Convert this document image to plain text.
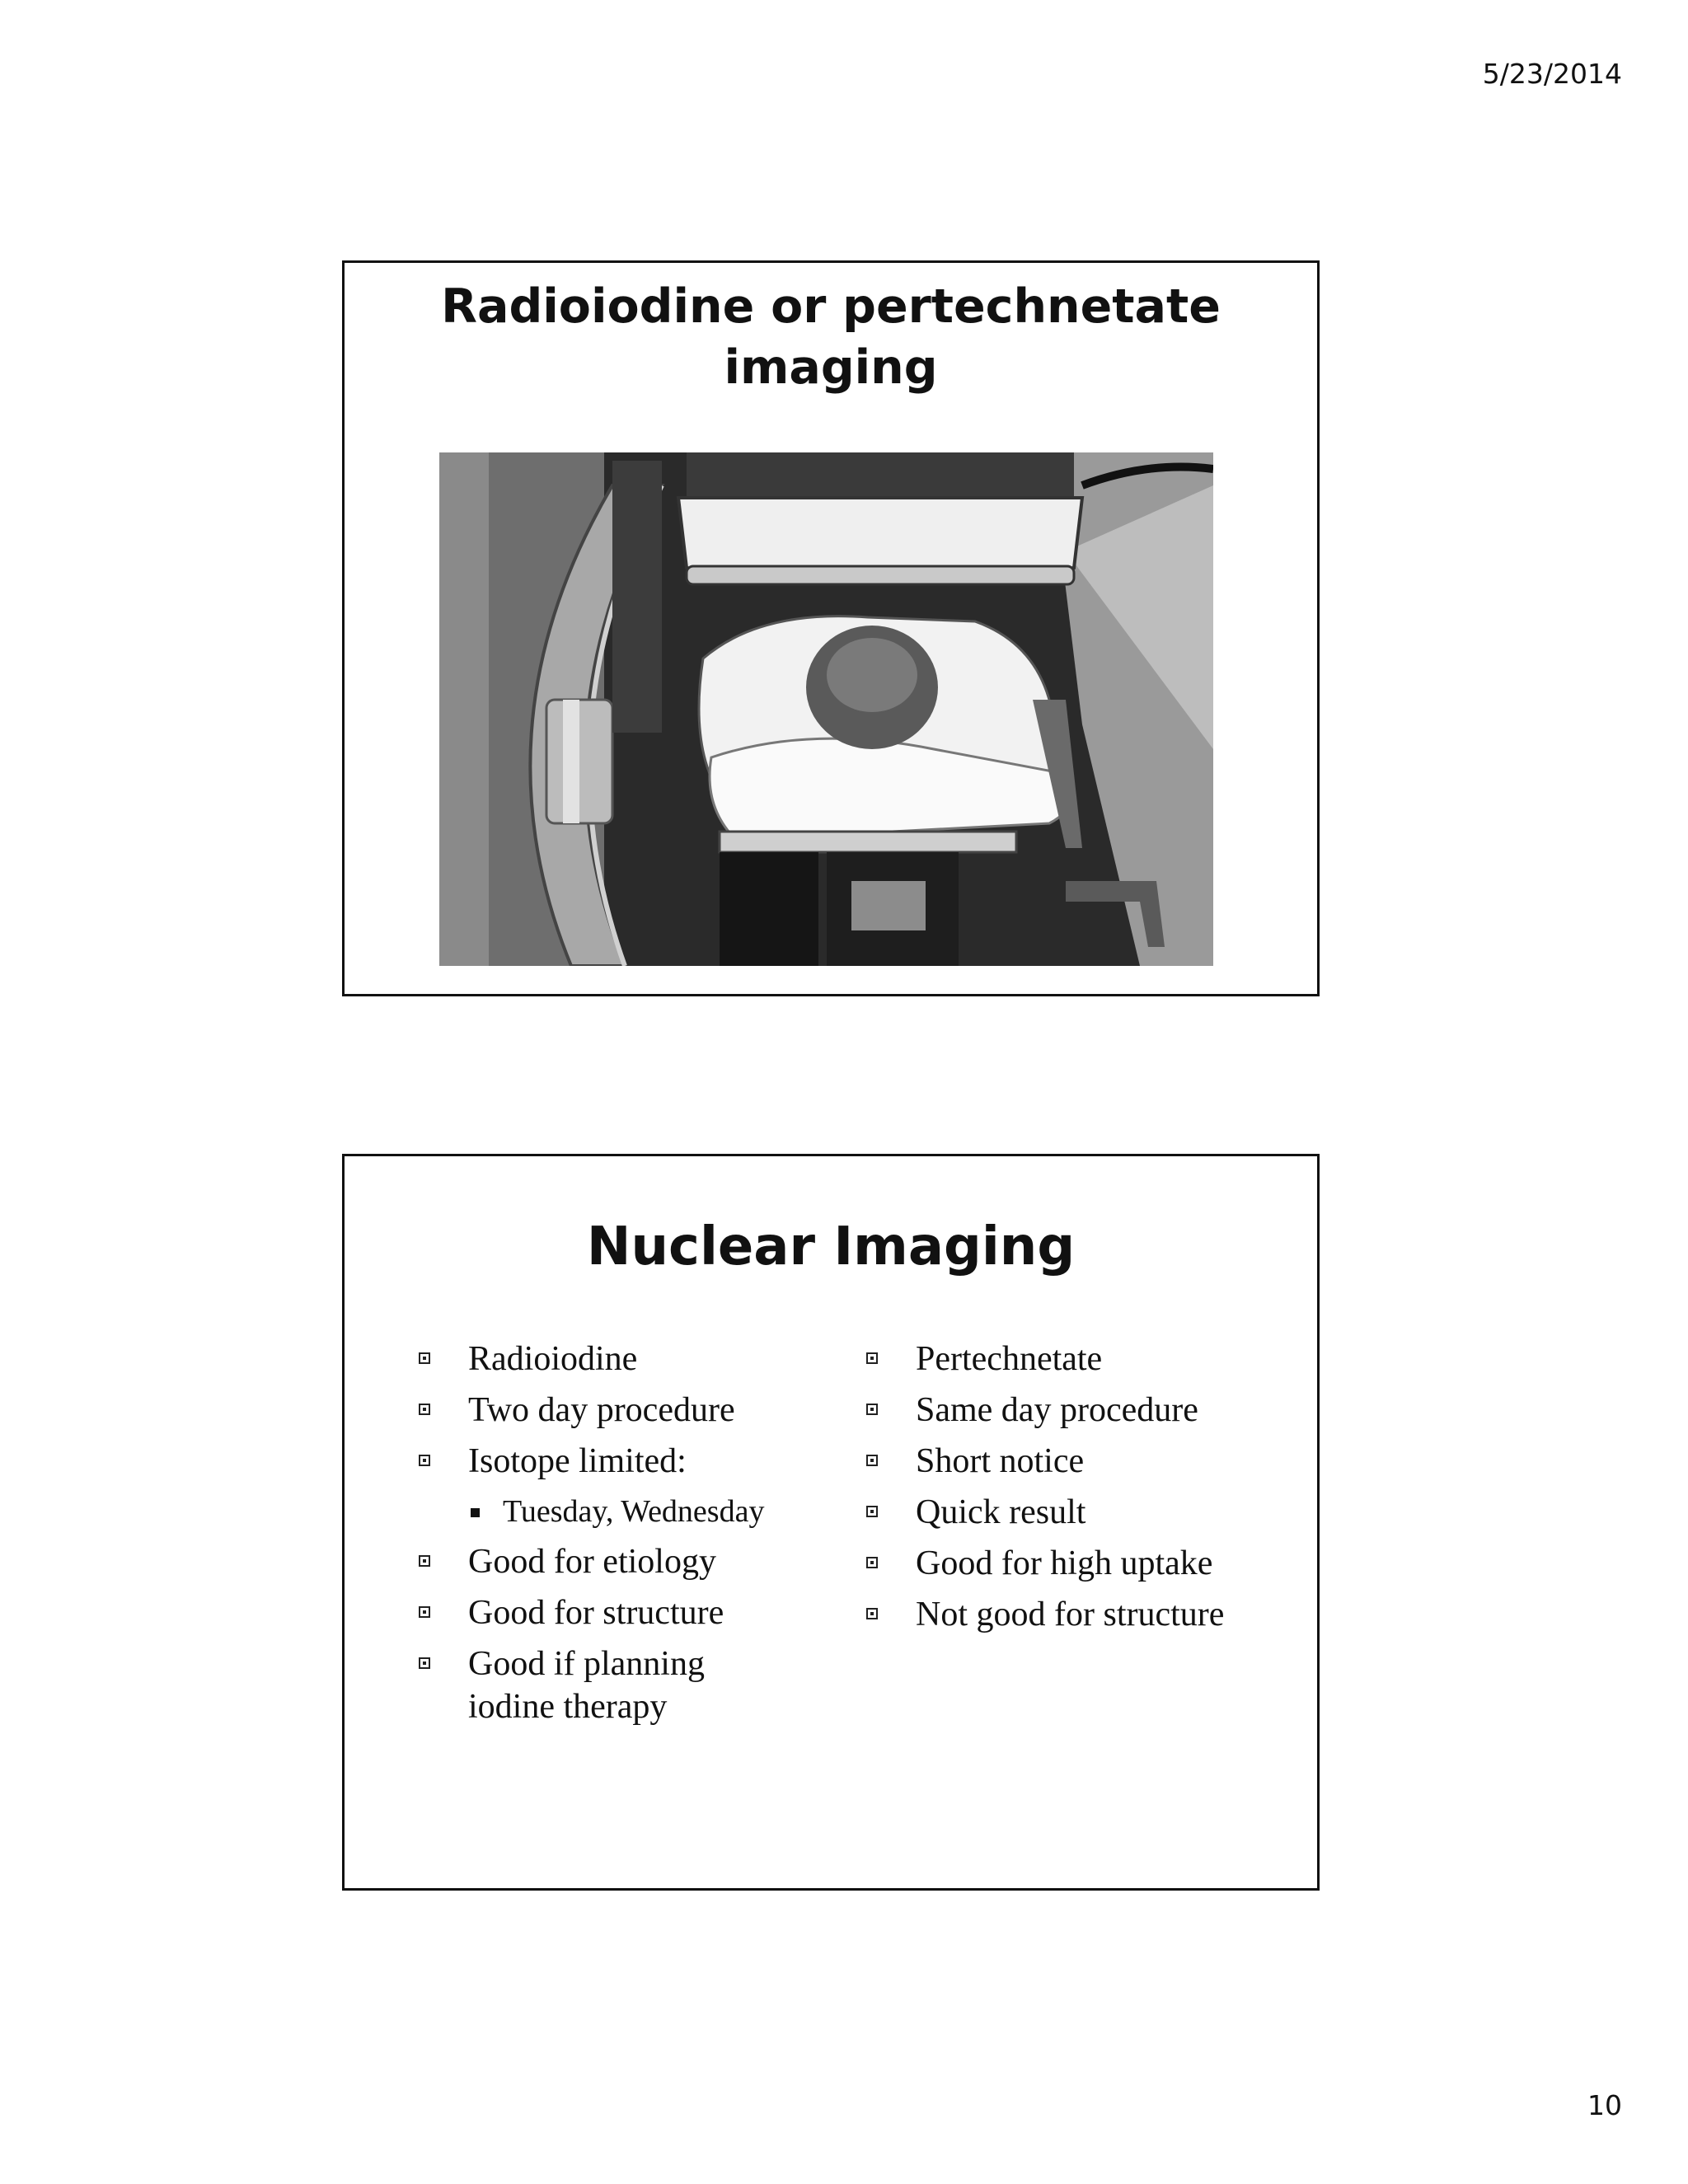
5/23/2014
Radioiodine or pertechnetate
imaging
Nuclear Imaging
Radioiodine
Two day procedure
Isotope limited:
Tuesday, Wednesday
Good for etiology
Good for structure
Good if planning iodine therapy
Pertechnetate
Same day procedure
Short notice
Quick result
Good for high uptake
Not good for structure
10
